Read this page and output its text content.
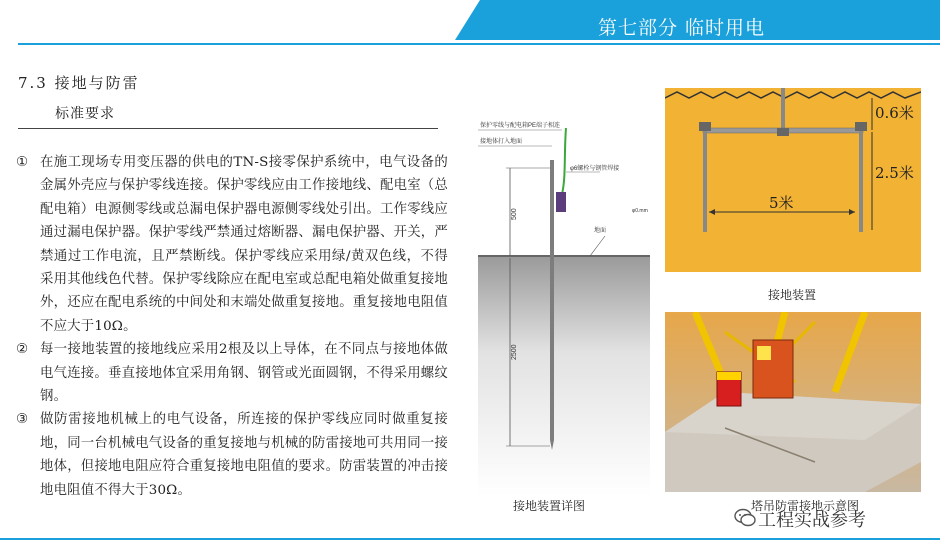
第七部分 临时用电
7.3 接地与防雷
标准要求
① 在施工现场专用变压器的供电的TN-S接零保护系统中，电气设备的金属外壳应与保护零线连接。保护零线应由工作接地线、配电室（总配电箱）电源侧零线或总漏电保护器电源侧零线处引出。工作零线应通过漏电保护器。保护零线严禁通过熔断器、漏电保护器、开关，严禁通过工作电流，且严禁断线。保护零线应采用绿/黄双色线，不得采用其他线色代替。保护零线除应在配电室或总配电箱处做重复接地外，还应在配电系统的中间处和末端处做重复接地。重复接地电阻值不应大于10Ω。
② 每一接地装置的接地线应采用2根及以上导体，在不同点与接地体做电气连接。垂直接地体宜采用角钢、钢管或光面圆钢，不得采用螺纹钢。
③ 做防雷接地机械上的电气设备，所连接的保护零线应同时做重复接地，同一台机械电气设备的重复接地与机械的防雷接地可共用同一接地体，但接地电阻应符合重复接地电阻值的要求。防雷装置的冲击接地电阻值不得大于30Ω。
保护零线与配电箱PE端子相连
接地体打入地面
φ6螺栓与钢管焊接
地面
φ0.mm
500
2500
接地装置详图
0.6米
2.5米
5米
接地装置
塔吊防雷接地示意图
工程实战参考
